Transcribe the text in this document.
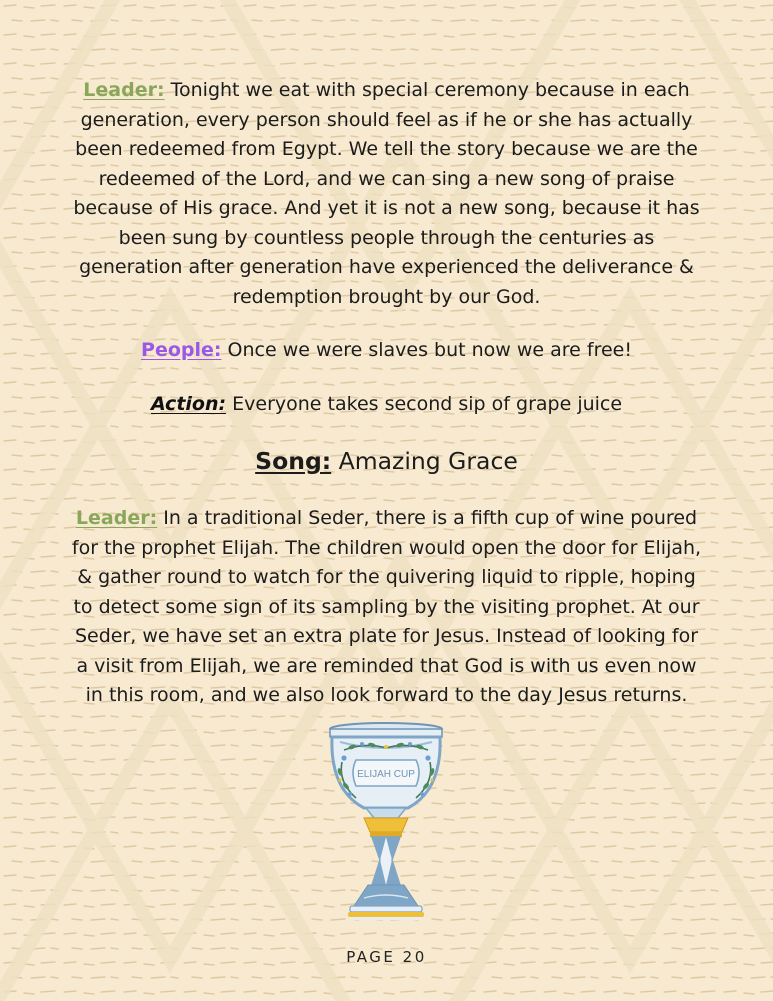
Leader: Tonight we eat with special ceremony because in each generation, every person should feel as if he or she has actually been redeemed from Egypt. We tell the story because we are the redeemed of the Lord, and we can sing a new song of praise because of His grace. And yet it is not a new song, because it has been sung by countless people through the centuries as generation after generation have experienced the deliverance & redemption brought by our God.

People: Once we were slaves but now we are free!

Action: Everyone takes second sip of grape juice

Song: Amazing Grace

Leader: In a traditional Seder, there is a fifth cup of wine poured for the prophet Elijah. The children would open the door for Elijah, & gather round to watch for the quivering liquid to ripple, hoping to detect some sign of its sampling by the visiting prophet. At our Seder, we have set an extra plate for Jesus. Instead of looking for a visit from Elijah, we are reminded that God is with us even now in this room, and we also look forward to the day Jesus returns.

ELIJAH CUP
PAGE 20
